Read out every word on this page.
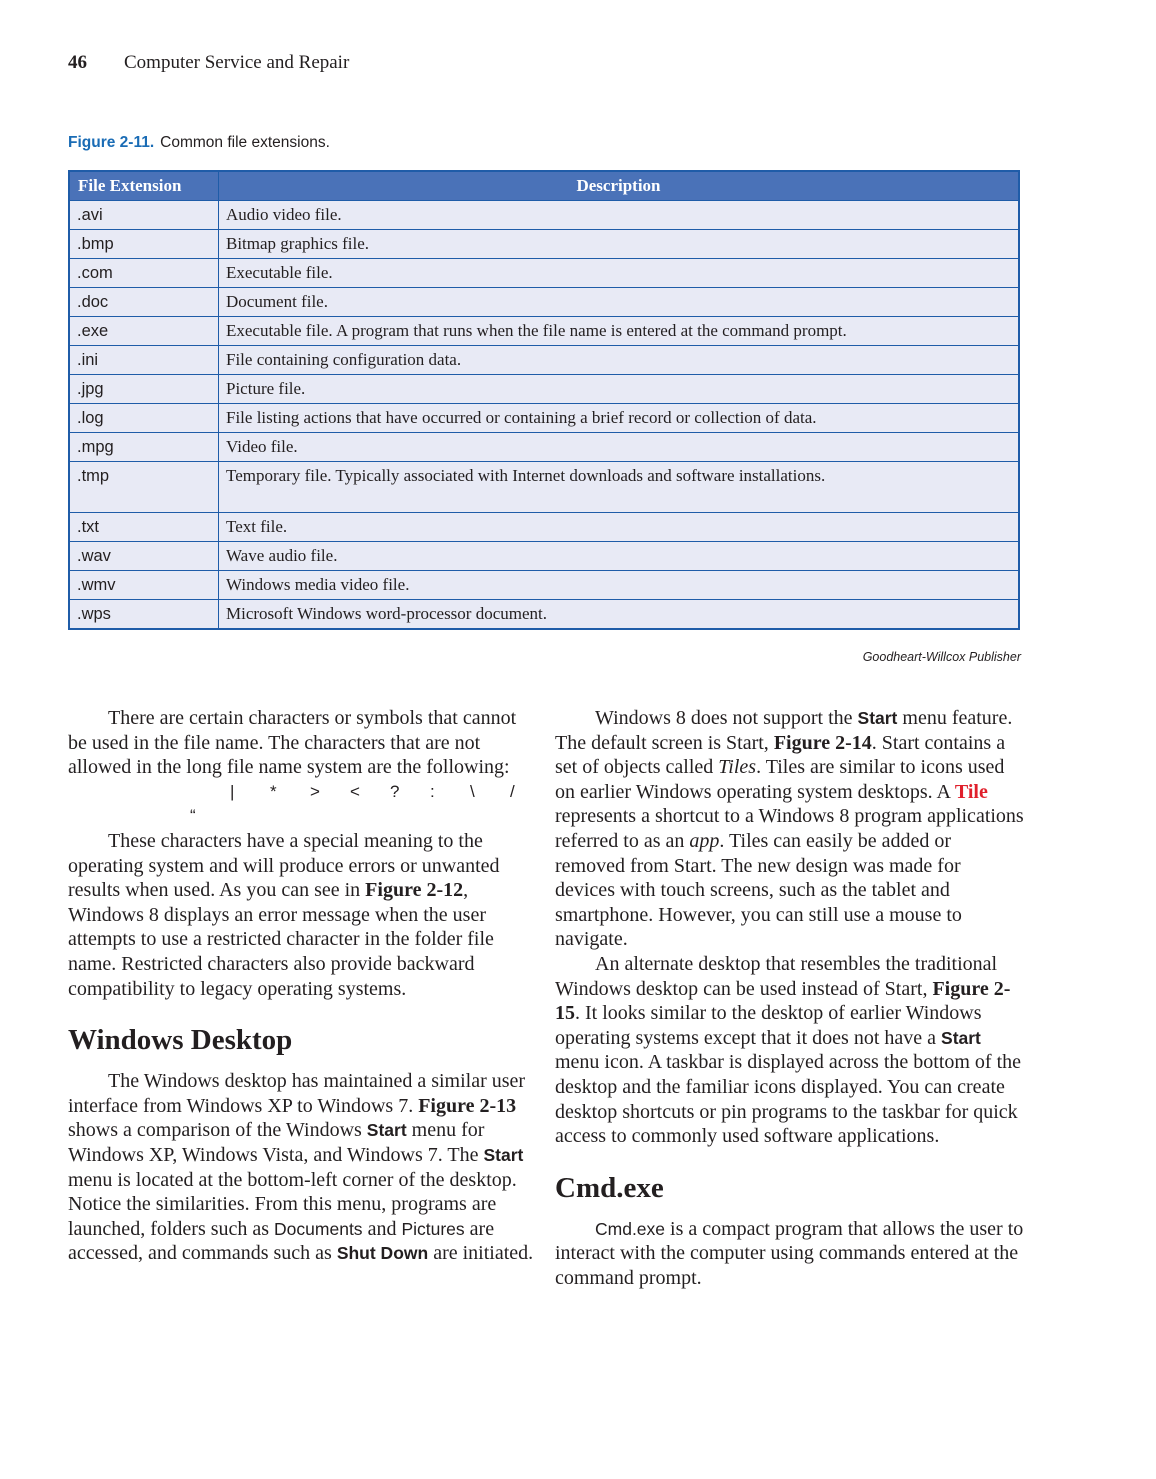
46 Computer Service and Repair
Figure 2-11. Common file extensions.
File Extension	Description
.avi	Audio video file.
.bmp	Bitmap graphics file.
.com	Executable file.
.doc	Document file.
.exe	Executable file. A program that runs when the file name is entered at the command prompt.
.ini	File containing configuration data.
.jpg	Picture file.
.log	File listing actions that have occurred or containing a brief record or collection of data.
.mpg	Video file.
.tmp	Temporary file. Typically associated with Internet downloads and software installations.
.txt	Text file.
.wav	Wave audio file.
.wmv	Windows media video file.
.wps	Microsoft Windows word-processor document.
Goodheart-Willcox Publisher

There are certain characters or symbols that cannot be used in the file name. The characters that are not allowed in the long file name system are the following:

| * > < ? : \ /“

These characters have a special meaning to the operating system and will produce errors or unwanted results when used. As you can see in Figure 2-12, Windows 8 displays an error message when the user attempts to use a restricted character in the folder file name. Restricted characters also provide backward compatibility to legacy operating systems.

Windows Desktop

The Windows desktop has maintained a similar user interface from Windows XP to Windows 7. Figure 2-13 shows a comparison of the Windows Start menu for Windows XP, Windows Vista, and Windows 7. The Start menu is located at the bottom-left corner of the desktop. Notice the similarities. From this menu, programs are launched, folders such as Documents and Pictures are accessed, and commands such as Shut Down are initiated.

Windows 8 does not support the Start menu feature. The default screen is Start, Figure 2-14. Start contains a set of objects called Tiles. Tiles are similar to icons used on earlier Windows operating system desktops. A Tile represents a shortcut to a Windows 8 program applications referred to as an app. Tiles can easily be added or removed from Start. The new design was made for devices with touch screens, such as the tablet and smartphone. However, you can still use a mouse to navigate.

An alternate desktop that resembles the traditional Windows desktop can be used instead of Start, Figure 2-15. It looks similar to the desktop of earlier Windows operating systems except that it does not have a Start menu icon. A taskbar is displayed across the bottom of the desktop and the familiar icons displayed. You can create desktop shortcuts or pin programs to the taskbar for quick access to commonly used software applications.

Cmd.exe

Cmd.exe is a compact program that allows the user to interact with the computer using commands entered at the command prompt.
